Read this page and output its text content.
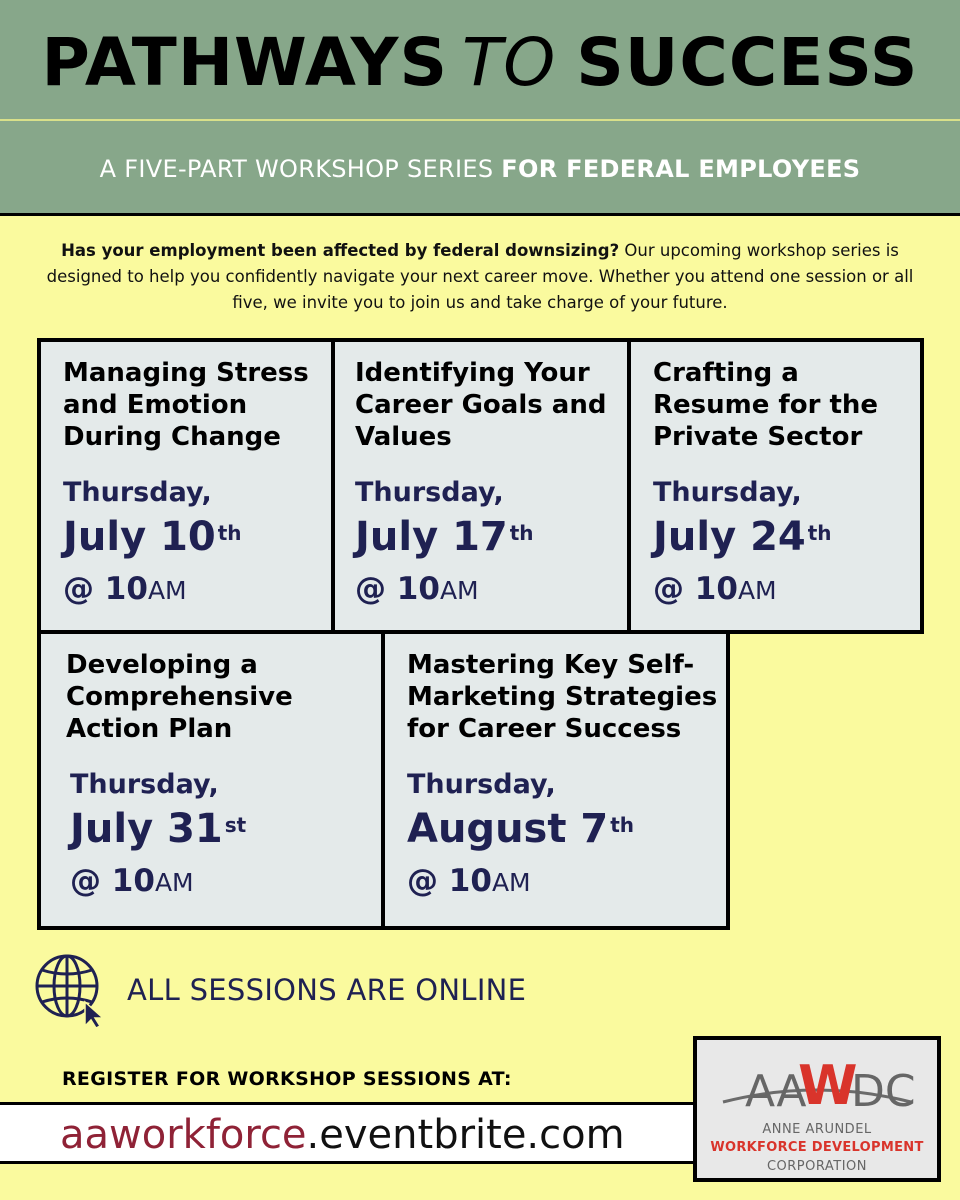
PATHWAYS TO SUCCESS
A FIVE-PART WORKSHOP SERIES FOR FEDERAL EMPLOYEES
Has your employment been affected by federal downsizing? Our upcoming workshop series is designed to help you confidently navigate your next career move. Whether you attend one session or all five, we invite you to join us and take charge of your future.
Managing Stress and Emotion During Change
Thursday,
July 10 $^{th}$
@ 10AM
Identifying Your Career Goals and Values
Thursday,
July 17 $^{th}$
@ 10AM
Crafting a Resume for the Private Sector
Thursday,
July 24 $^{th}$
@ 10AM
Developing a Comprehensive Action Plan
Thursday,
July 31 $^{st}$
@ 10AM
Mastering Key Self-Marketing Strategies for Career Success
Thursday,
August 7 $^{th}$
@ 10AM
ALL SESSIONS ARE ONLINE
REGISTER FOR WORKSHOP SESSIONS AT:
aaworkforce.eventbrite.com
AA
W
DC
ANNE ARUNDEL
WORKFORCE DEVELOPMENT
CORPORATION
